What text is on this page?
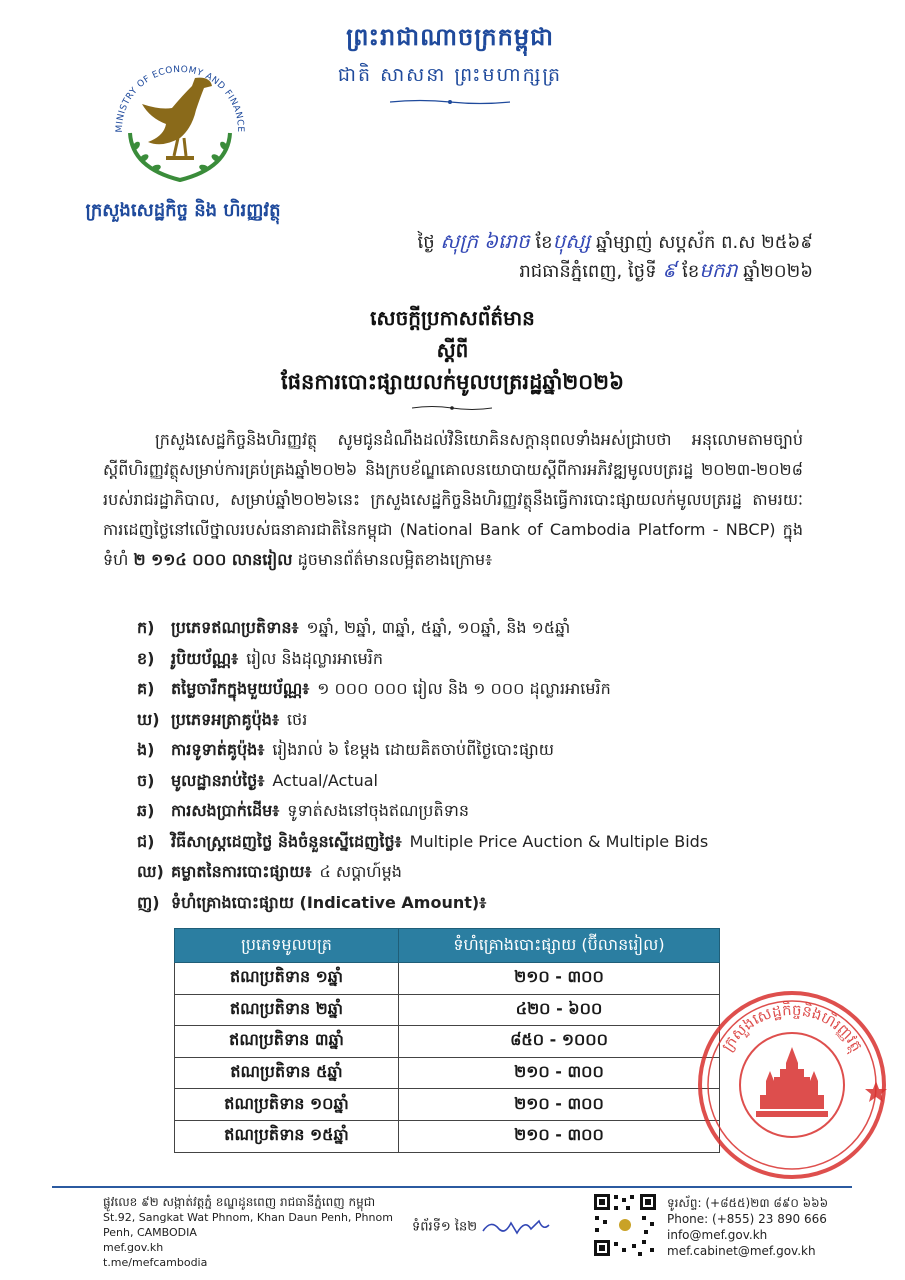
ព្រះរាជាណាចក្រកម្ពុជា
ជាតិ សាសនា ព្រះមហាក្សត្រ
MINISTRY OF ECONOMY AND FINANCE
ក្រសួងសេដ្ឋកិច្ច និង ហិរញ្ញវត្ថុ
ថ្ងៃ សុក្រ ៦រោច ខែបុស្ស ឆ្នាំម្សាញ់ សប្តស័ក ព.ស ២៥៦៩
រាជធានីភ្នំពេញ, ថ្ងៃទី ៩ ខែមករា ឆ្នាំ២០២៦
សេចក្តីប្រកាសព័ត៌មាន
ស្តីពី
ផែនការបោះផ្សាយលក់មូលបត្ររដ្ឋឆ្នាំ២០២៦

ក្រសួងសេដ្ឋកិច្ចនិងហិរញ្ញវត្ថុ សូមជូនដំណឹងដល់វិនិយោគិនសក្តានុពលទាំងអស់ជ្រាបថា អនុលោមតាមច្បាប់ស្តីពីហិរញ្ញវត្ថុសម្រាប់ការគ្រប់គ្រងឆ្នាំ២០២៦ និងក្របខ័ណ្ឌគោលនយោបាយស្តីពីការអភិវឌ្ឍមូលបត្ររដ្ឋ ២០២៣-២០២៨ របស់រាជរដ្ឋាភិបាល, សម្រាប់ឆ្នាំ២០២៦នេះ ក្រសួងសេដ្ឋកិច្ចនិងហិរញ្ញវត្ថុនឹងធ្វើការបោះផ្សាយលក់មូលបត្ររដ្ឋ តាមរយៈការដេញថ្លៃនៅលើថ្នាលរបស់ធនាគារជាតិនៃកម្ពុជា (National Bank of Cambodia Platform - NBCP) ក្នុងទំហំ ២ ១១៤ ០០០ លានរៀល ដូចមានព័ត៌មានលម្អិតខាងក្រោម៖

ក)	ប្រភេទឥណប្រតិទាន៖ ១ឆ្នាំ, ២ឆ្នាំ, ៣ឆ្នាំ, ៥ឆ្នាំ, ១០ឆ្នាំ, និង ១៥ឆ្នាំ
ខ)	រូបិយប័ណ្ណ៖ រៀល និងដុល្លារអាមេរិក
គ)	តម្លៃចារឹកក្នុងមួយប័ណ្ណ៖ ១ ០០០ ០០០ រៀល និង ១ ០០០ ដុល្លារអាមេរិក
ឃ) ប្រភេទអត្រាគូប៉ុង៖ ថេរ
ង)	ការទូទាត់គូប៉ុង៖ រៀងរាល់ ៦ ខែម្តង ដោយគិតចាប់ពីថ្ងៃបោះផ្សាយ
ច)	មូលដ្ឋានរាប់ថ្ងៃ៖ Actual/Actual
ឆ)	ការសងប្រាក់ដើម៖ ទូទាត់សងនៅចុងឥណប្រតិទាន
ជ)	វិធីសាស្ត្រដេញថ្លៃ និងចំនួនស្នើដេញថ្លៃ៖ Multiple Price Auction & Multiple Bids
ឈ) គម្លាតនៃការបោះផ្សាយ៖ ៤ សប្តាហ៍ម្តង
ញ) ទំហំគ្រោងបោះផ្សាយ (Indicative Amount)៖
ប្រភេទមូលបត្រ	ទំហំគ្រោងបោះផ្សាយ (ប៊ីលានរៀល)
ឥណប្រតិទាន ១ឆ្នាំ	២១០ - ៣០០
ឥណប្រតិទាន ២ឆ្នាំ	៤២០ - ៦០០
ឥណប្រតិទាន ៣ឆ្នាំ	៨៥០ - ១០០០
ឥណប្រតិទាន ៥ឆ្នាំ	២១០ - ៣០០
ឥណប្រតិទាន ១០ឆ្នាំ	២១០ - ៣០០
ឥណប្រតិទាន ១៥ឆ្នាំ	២១០ - ៣០០
ក្រសួងសេដ្ឋកិច្ចនិងហិរញ្ញវត្ថុ
ផ្លូវលេខ ៩២ សង្កាត់វត្តភ្នំ ខណ្ឌដូនពេញ រាជធានីភ្នំពេញ កម្ពុជា
St.92, Sangkat Wat Phnom, Khan Daun Penh, Phnom Penh, CAMBODIA
mef.gov.kh
t.me/mefcambodia
ទំព័រទី១ នៃ២
ទូរស័ព្ទ: (+៨៥៥)២៣ ៨៩០ ៦៦៦
Phone: (+855) 23 890 666
info@mef.gov.kh
mef.cabinet@mef.gov.kh
